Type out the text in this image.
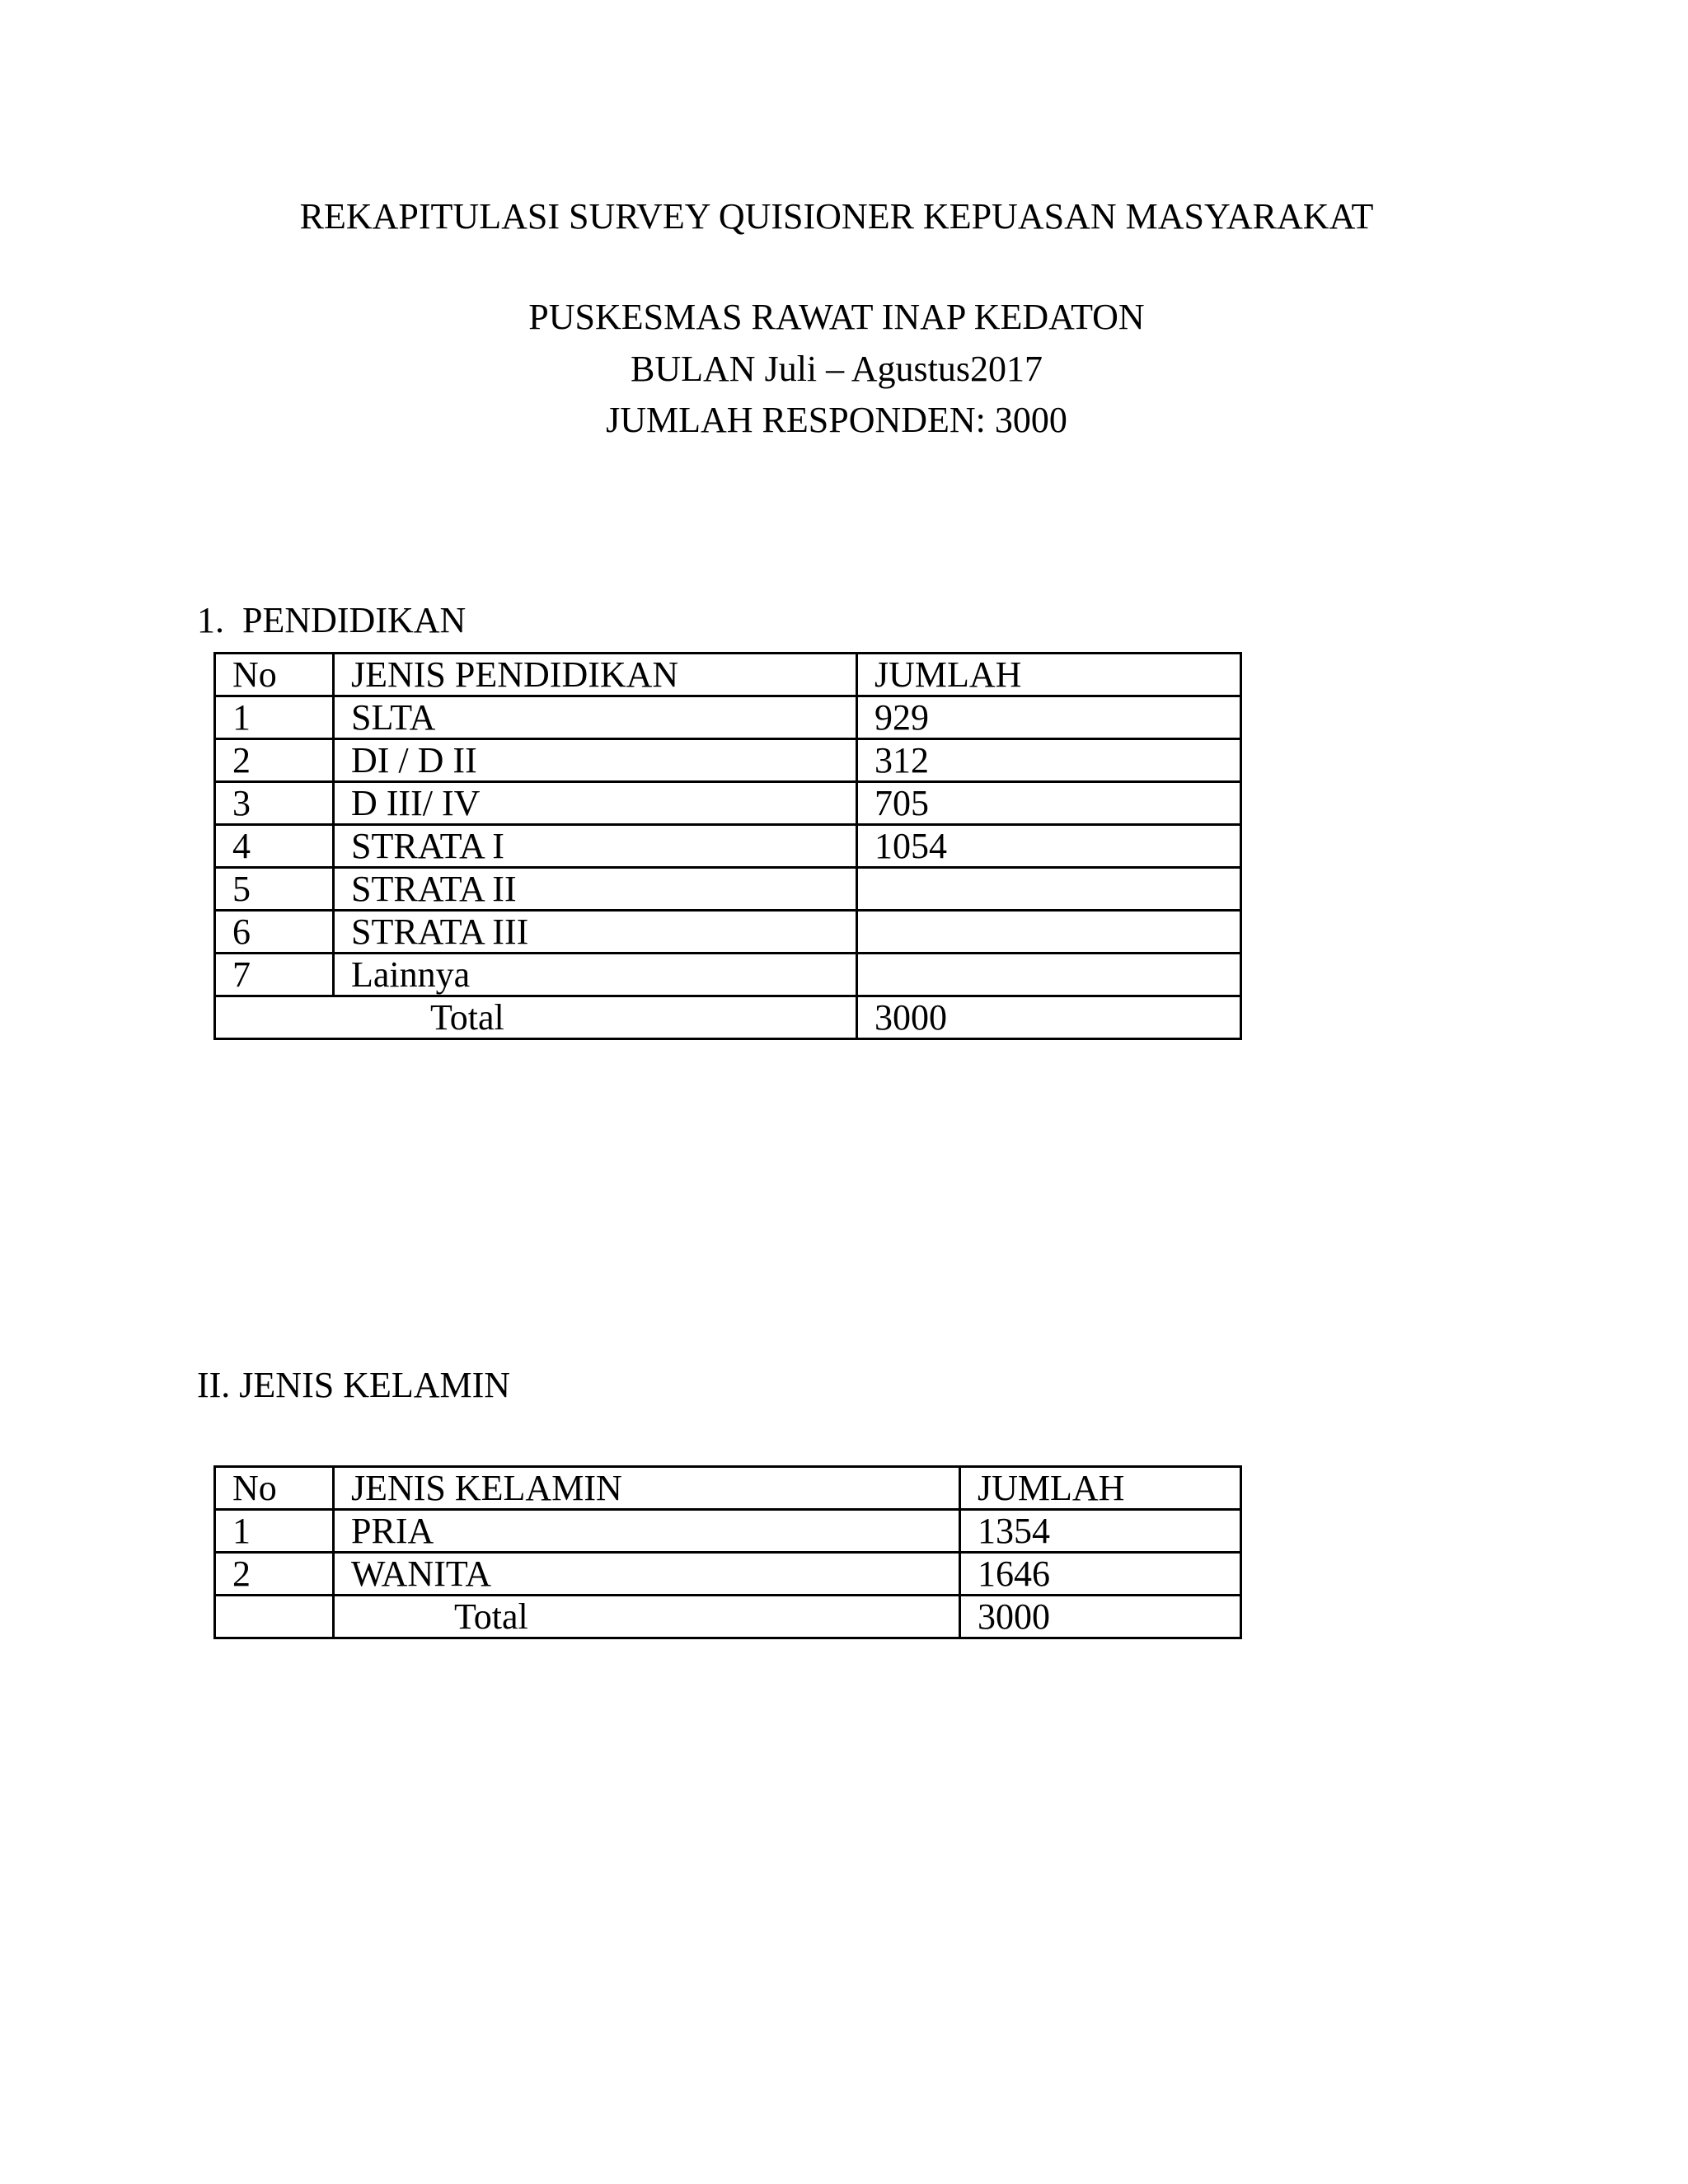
REKAPITULASI SURVEY QUISIONER KEPUASAN MASYARAKAT
PUSKESMAS RAWAT INAP KEDATON
BULAN Juli – Agustus2017
JUMLAH RESPONDEN: 3000
1.  PENDIDIKAN
No	JENIS PENDIDIKAN	JUMLAH
1	SLTA	929
2	DI / D II	312
3	D III/ IV	705
4	STRATA I	1054
5	STRATA II	
6	STRATA III	
7	Lainnya	
Total		3000
II. JENIS KELAMIN
No	JENIS KELAMIN	JUMLAH
1	PRIA	1354
2	WANITA	1646
	Total	3000
